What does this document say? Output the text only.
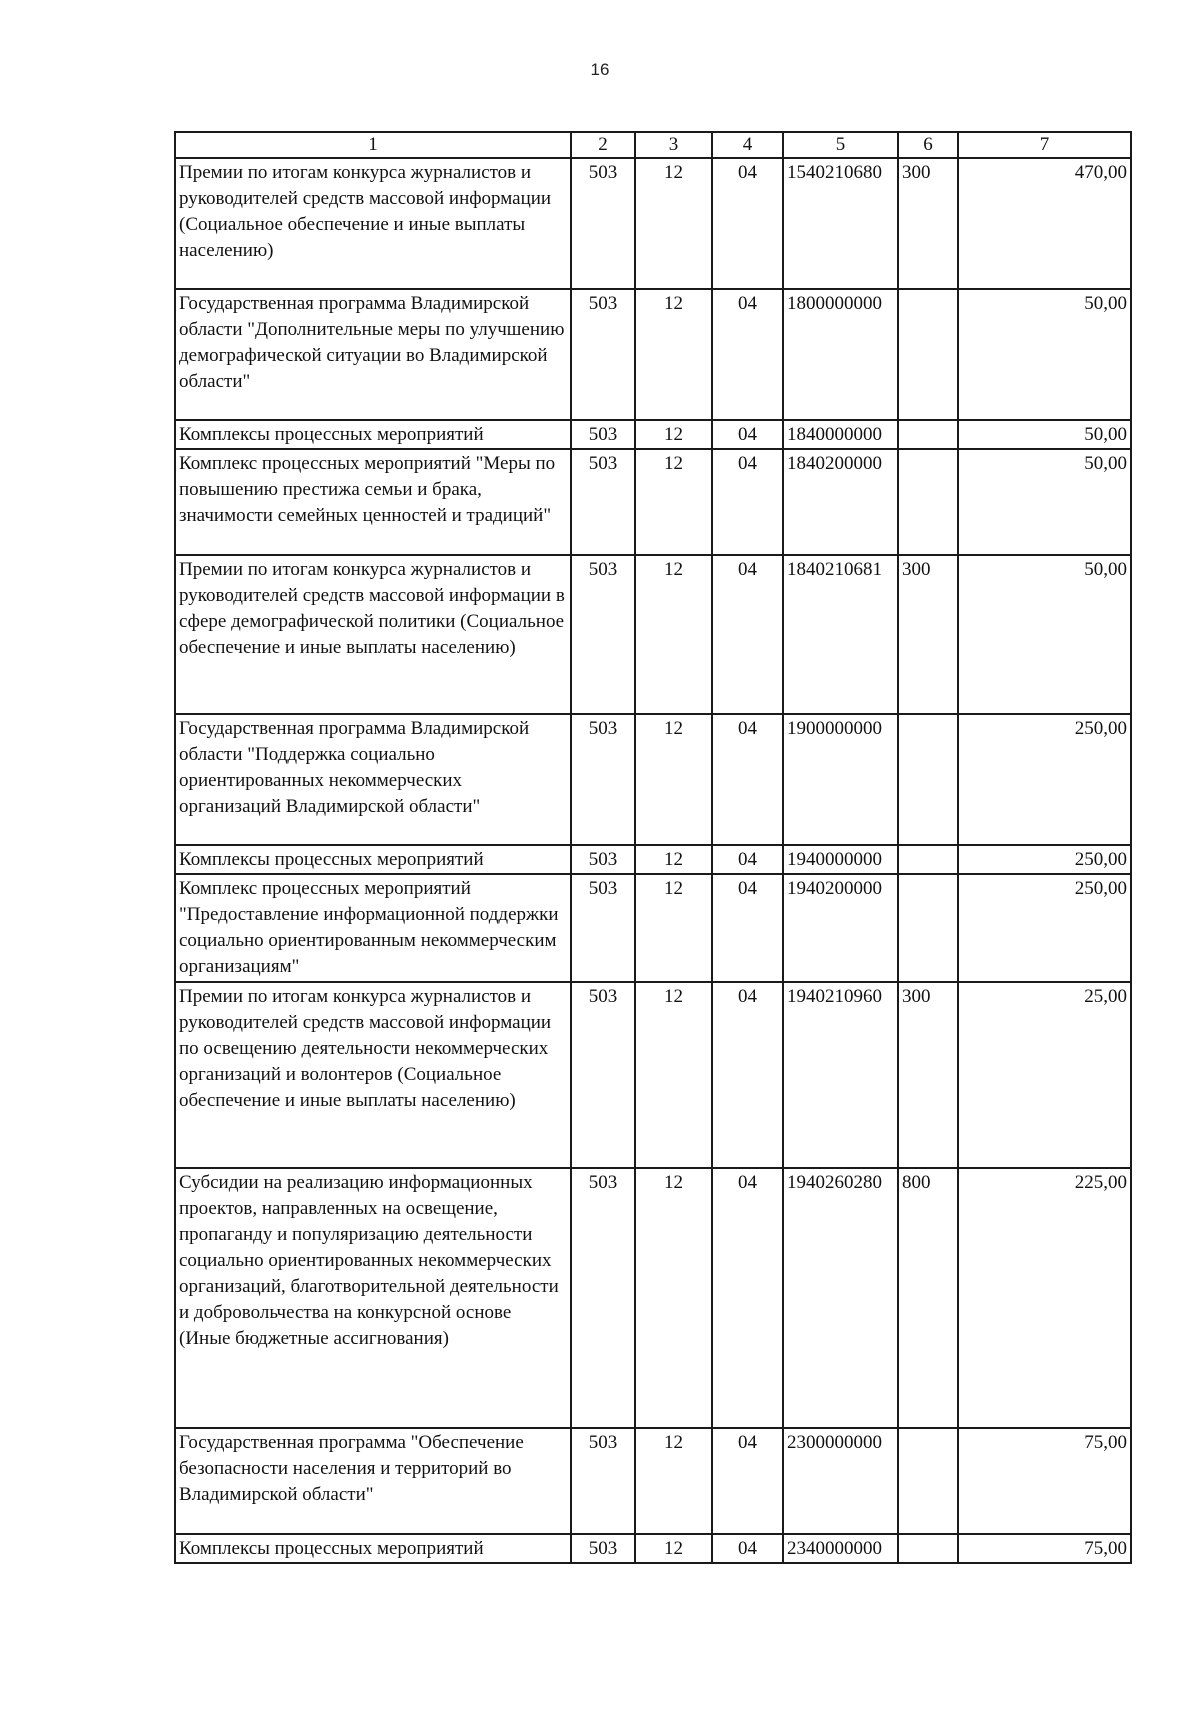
16
1	2	3	4	5	6	7
Премии по итогам конкурса журналистов и руководителей средств массовой информации (Социальное обеспечение и иные выплаты населению)	503	12	04	1540210680	300	470,00
Государственная программа Владимирской области "Дополнительные меры по улучшению демографической ситуации во Владимирской области"	503	12	04	1800000000		50,00
Комплексы процессных мероприятий	503	12	04	1840000000		50,00
Комплекс процессных мероприятий "Меры по повышению престижа семьи и брака, значимости семейных ценностей и традиций"	503	12	04	1840200000		50,00
Премии по итогам конкурса журналистов и руководителей средств массовой информации в сфере демографической политики (Социальное обеспечение и иные выплаты населению)	503	12	04	1840210681	300	50,00
Государственная программа Владимирской области "Поддержка социально ориентированных некоммерческих организаций Владимирской области"	503	12	04	1900000000		250,00
Комплексы процессных мероприятий	503	12	04	1940000000		250,00
Комплекс процессных мероприятий "Предоставление информационной поддержки социально ориентированным некоммерческим организациям"	503	12	04	1940200000		250,00
Премии по итогам конкурса журналистов и руководителей средств массовой информации по освещению деятельности некоммерческих организаций и волонтеров (Социальное обеспечение и иные выплаты населению)	503	12	04	1940210960	300	25,00
Субсидии на реализацию информационных проектов, направленных на освещение, пропаганду и популяризацию деятельности социально ориентированных некоммерческих организаций, благотворительной деятельности и добровольчества на конкурсной основе (Иные бюджетные ассигнования)	503	12	04	1940260280	800	225,00
Государственная программа "Обеспечение безопасности населения и территорий во Владимирской области"	503	12	04	2300000000		75,00
Комплексы процессных мероприятий	503	12	04	2340000000		75,00
